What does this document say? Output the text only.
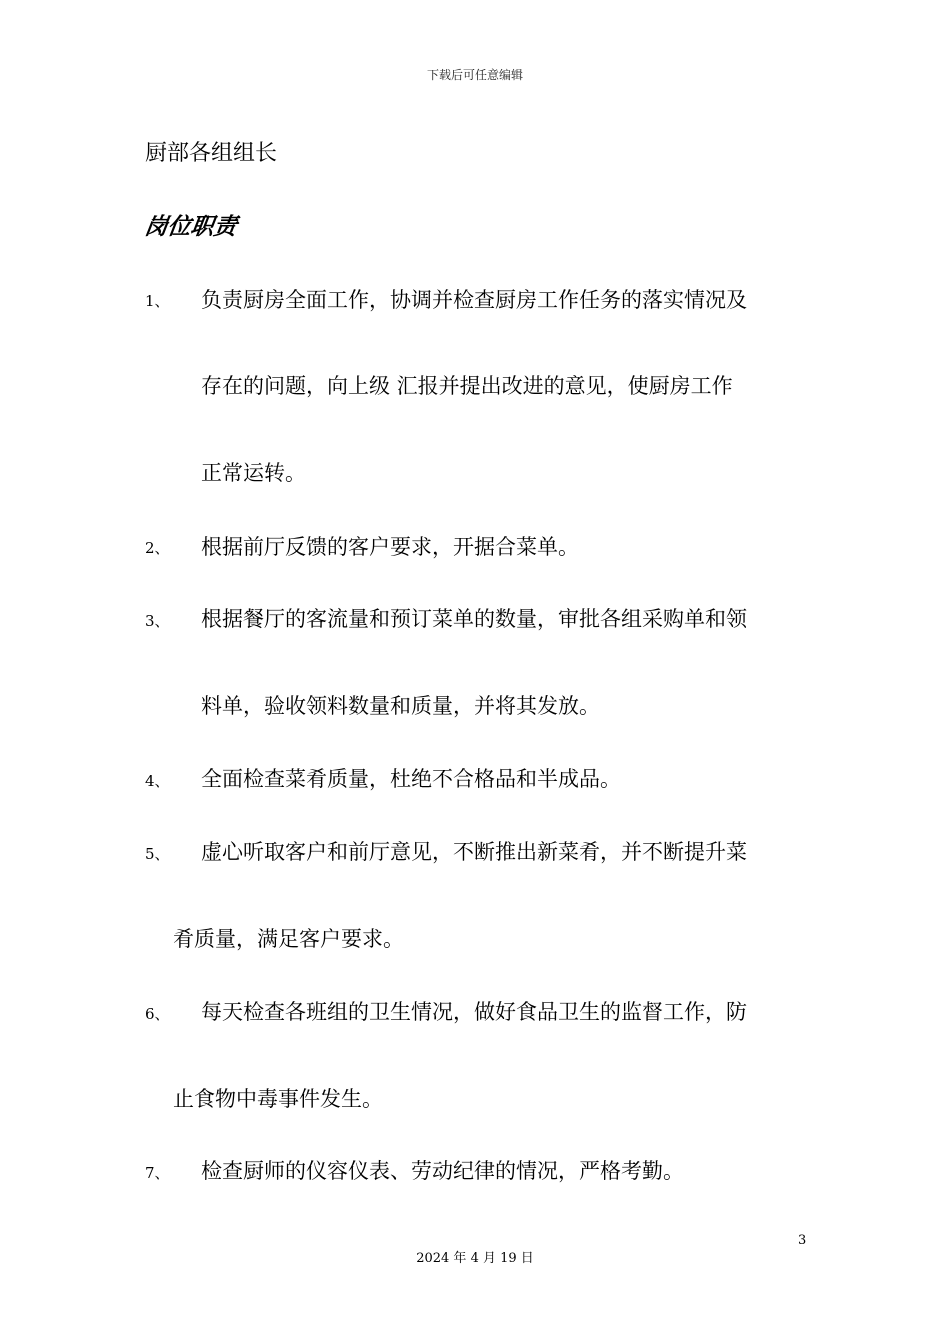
下载后可任意编辑
厨部各组组长
岗位职责
1、 负责厨房全面工作，协调并检查厨房工作任务的落实情况及
存在的问题，向上级 汇报并提出改进的意见，使厨房工作
正常运转。
2、 根据前厅反馈的客户要求，开据合菜单。
3、 根据餐厅的客流量和预订菜单的数量，审批各组采购单和领
料单，验收领料数量和质量，并将其发放。
4、 全面检查菜肴质量，杜绝不合格品和半成品。
5、 虚心听取客户和前厅意见，不断推出新菜肴，并不断提升菜
肴质量，满足客户要求。
6、 每天检查各班组的卫生情况，做好食品卫生的监督工作，防
止食物中毒事件发生。
7、 检查厨师的仪容仪表、劳动纪律的情况，严格考勤。
3
2024 年 4 月 19 日
